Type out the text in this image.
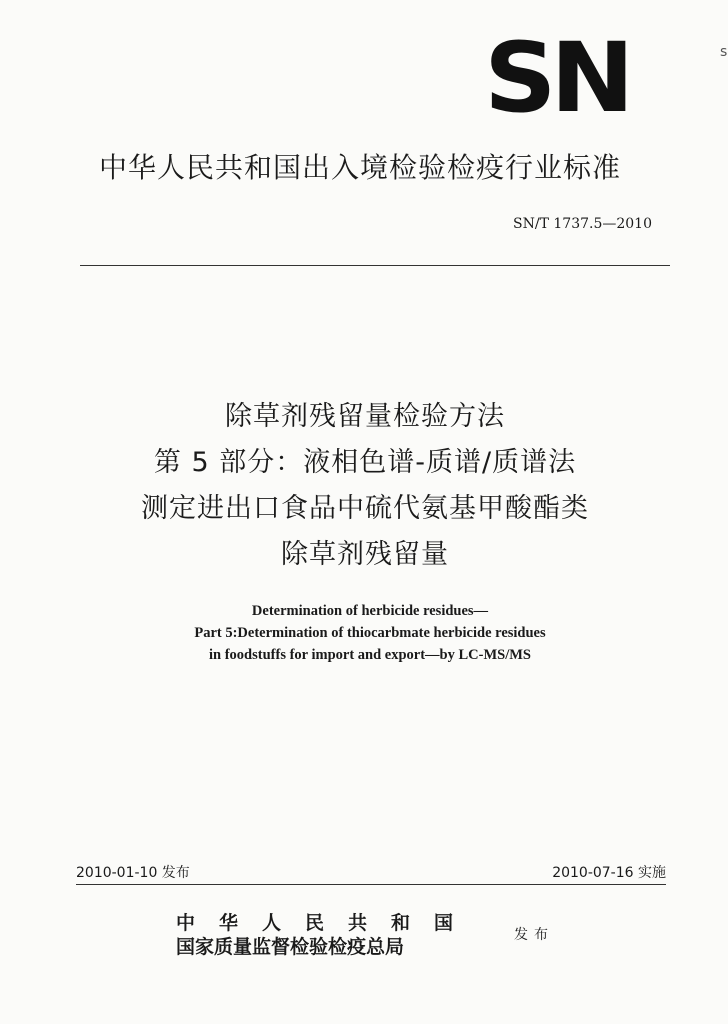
SN	s
中华人民共和国出入境检验检疫行业标准
SN/T 1737.5—2010
除草剂残留量检验方法
第 5 部分：液相色谱-质谱/质谱法
测定进出口食品中硫代氨基甲酸酯类
除草剂残留量
Determination of herbicide residues—
Part 5:Determination of thiocarbmate herbicide residues
in foodstuffs for import and export—by LC-MS/MS
2010-01-10 发布	2010-07-16 实施
中华人民共和国
国家质量监督检验检疫总局
发布
